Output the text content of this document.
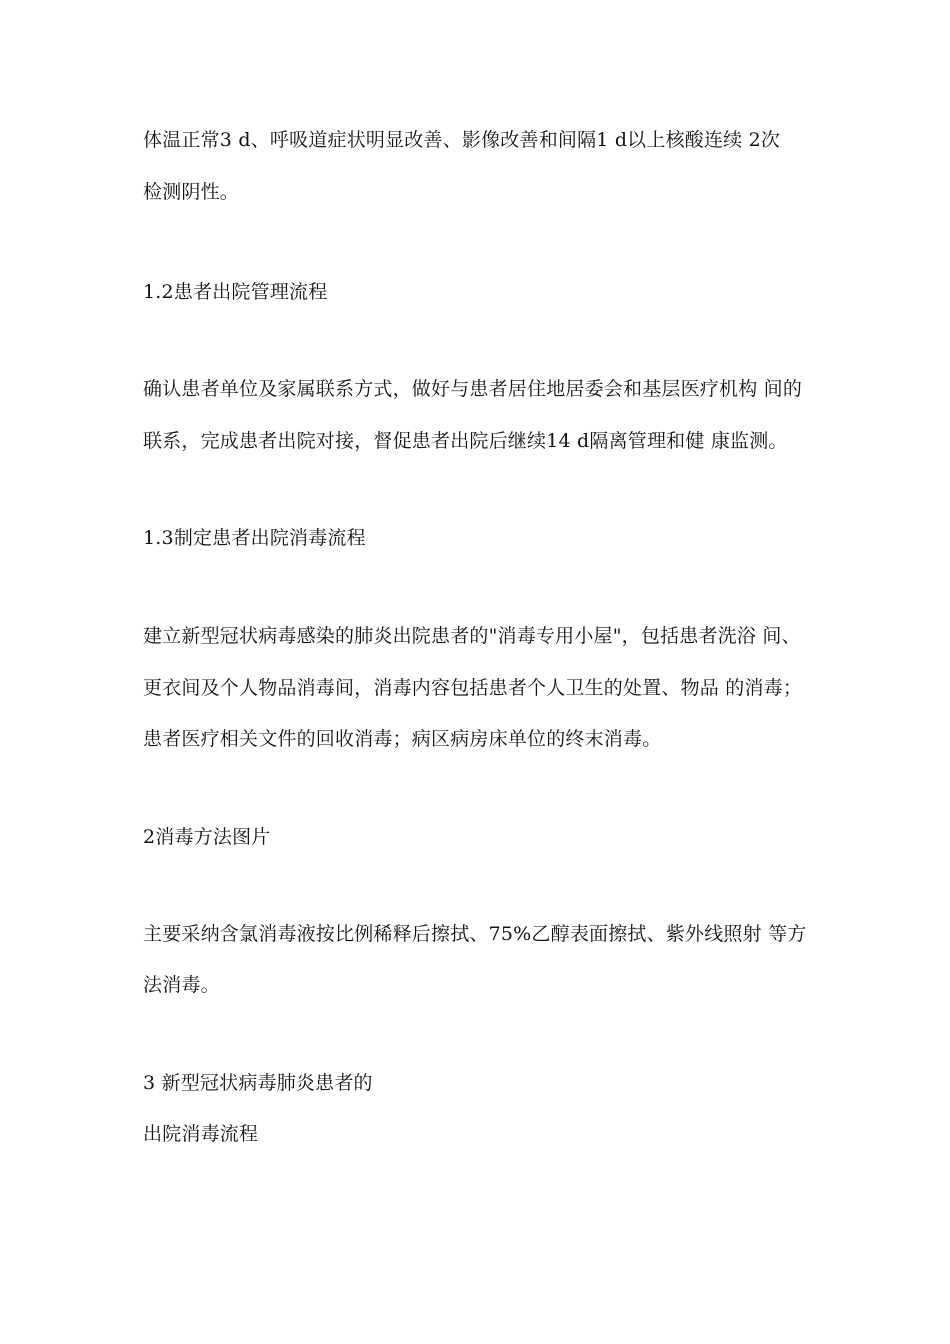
体温正常3 d、呼吸道症状明显改善、影像改善和间隔1 d以上核酸连续 2次
检测阴性。
1.2患者出院管理流程
确认患者单位及家属联系方式，做好与患者居住地居委会和基层医疗机构 间的
联系，完成患者出院对接，督促患者出院后继续14 d隔离管理和健 康监测。
1.3制定患者出院消毒流程
建立新型冠状病毒感染的肺炎出院患者的"消毒专用小屋"，包括患者洗浴 间、
更衣间及个人物品消毒间，消毒内容包括患者个人卫生的处置、物品 的消毒；
患者医疗相关文件的回收消毒；病区病房床单位的终末消毒。
2消毒方法图片
主要采纳含氯消毒液按比例稀释后擦拭、75%乙醇表面擦拭、紫外线照射 等方
法消毒。
3 新型冠状病毒肺炎患者的
出院消毒流程
